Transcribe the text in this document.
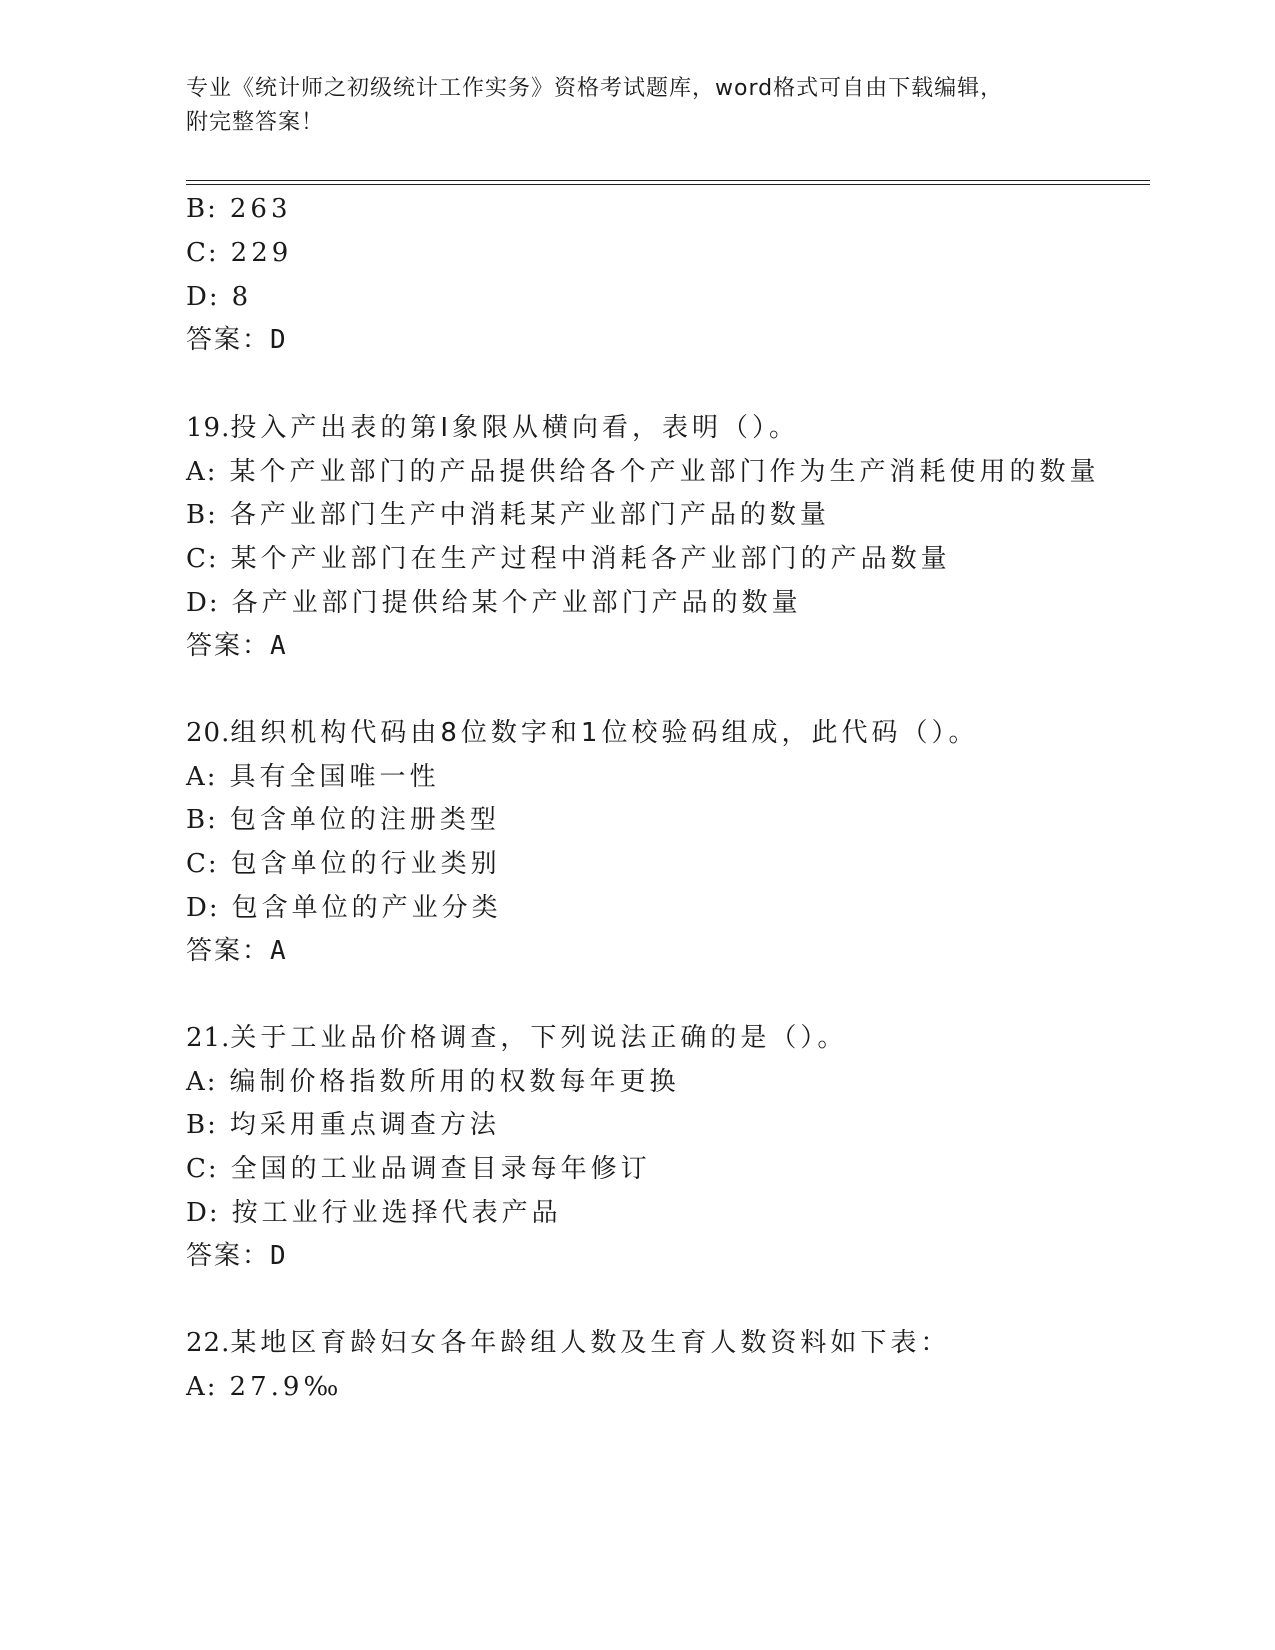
专业《统计师之初级统计工作实务》资格考试题库，word格式可自由下载编辑，
附完整答案！
B: 263
C: 229
D: 8
答案：D
19.投入产出表的第Ⅰ象限从横向看，表明（）。
A: 某个产业部门的产品提供给各个产业部门作为生产消耗使用的数量
B: 各产业部门生产中消耗某产业部门产品的数量
C: 某个产业部门在生产过程中消耗各产业部门的产品数量
D: 各产业部门提供给某个产业部门产品的数量
答案：A
20.组织机构代码由8位数字和1位校验码组成，此代码（）。
A: 具有全国唯一性
B: 包含单位的注册类型
C: 包含单位的行业类别
D: 包含单位的产业分类
答案：A
21.关于工业品价格调查，下列说法正确的是（）。
A: 编制价格指数所用的权数每年更换
B: 均采用重点调查方法
C: 全国的工业品调查目录每年修订
D: 按工业行业选择代表产品
答案：D
22.某地区育龄妇女各年龄组人数及生育人数资料如下表：
A: 27.9‰
